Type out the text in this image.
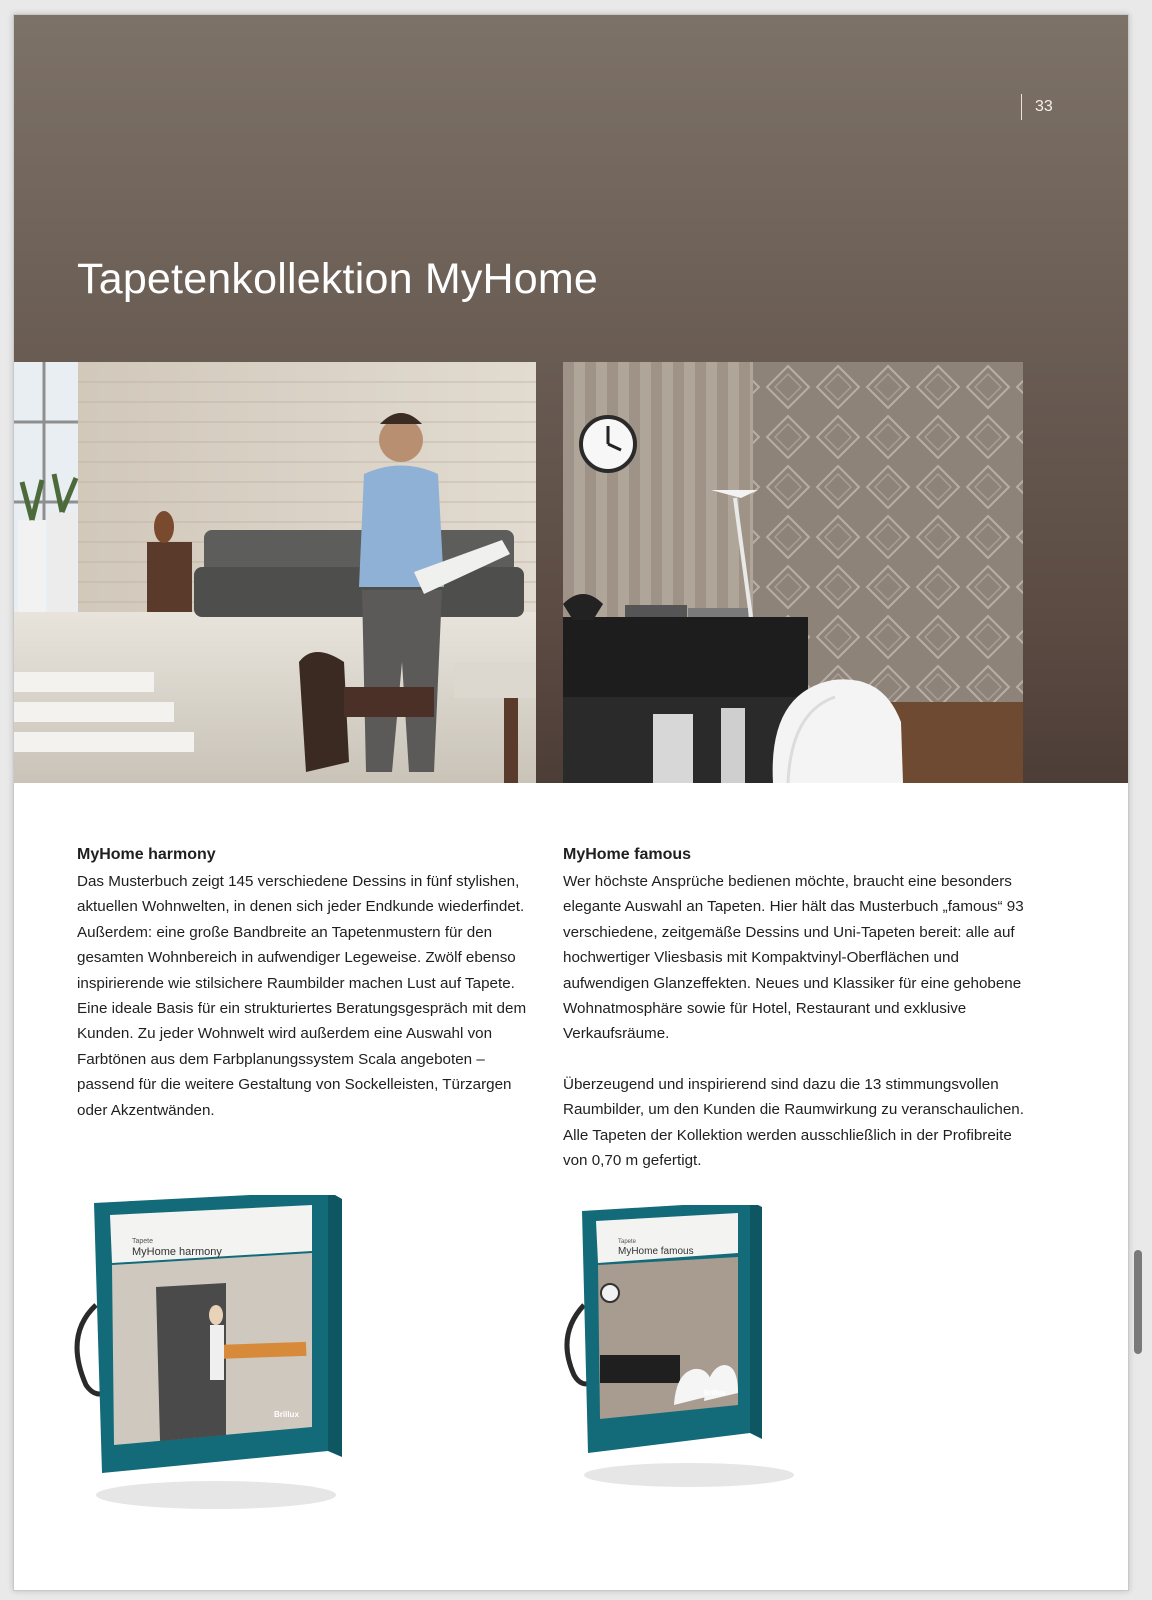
33
Tapetenkollektion MyHome
MyHome harmony

Das Musterbuch zeigt 145 verschiedene Dessins in fünf stylishen, aktuellen Wohnwelten, in denen sich jeder Endkunde wiederfindet. Außerdem: eine große Bandbreite an Tapetenmustern für den gesamten Wohnbereich in aufwendiger Legeweise. Zwölf ebenso inspirierende wie stilsichere Raumbilder machen Lust auf Tapete. Eine ideale Basis für ein strukturiertes Beratungsgespräch mit dem Kunden. Zu jeder Wohnwelt wird außerdem eine Auswahl von Farbtönen aus dem Farbplanungssystem Scala angeboten – passend für die weitere Gestaltung von Sockelleisten, Türzargen oder Akzentwänden.

MyHome famous

Wer höchste Ansprüche bedienen möchte, braucht eine besonders elegante Auswahl an Tapeten. Hier hält das Musterbuch „famous“ 93 verschiedene, zeitgemäße Dessins und Uni-Tapeten bereit: alle auf hochwertiger Vliesbasis mit Kompaktvinyl-Oberflächen und aufwendigen Glanzeffekten. Neues und Klassiker für eine gehobene Wohnatmosphäre sowie für Hotel, Restaurant und exklusive Verkaufsräume.

Überzeugend und inspirierend sind dazu die 13 stimmungsvollen Raumbilder, um den Kunden die Raumwirkung zu veranschaulichen. Alle Tapeten der Kollektion werden ausschließlich in der Profibreite von 0,70 m gefertigt.

Tapete
MyHome harmony
Brillux
Tapete
MyHome famous
Brillux
